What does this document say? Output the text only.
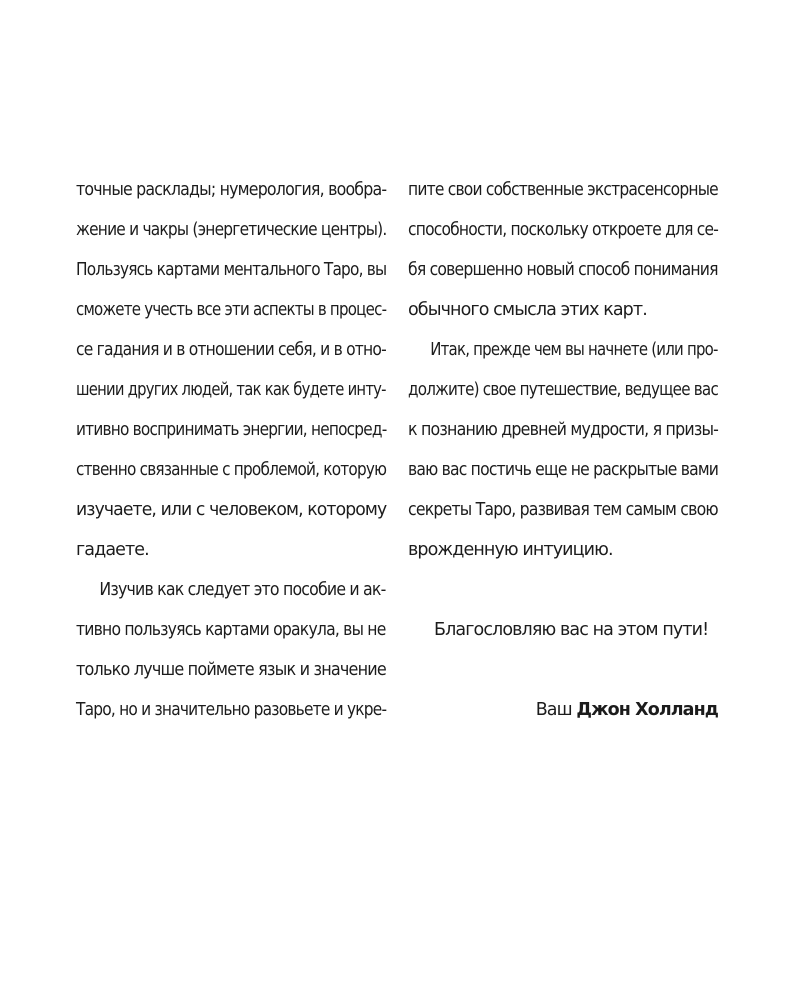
точные расклады; нумерология, вообра-
жение и чакры (энергетические центры).
Пользуясь картами ментального Таро, вы
сможете учесть все эти аспекты в процес-
се гадания и в отношении себя, и в отно-
шении других людей, так как будете инту-
итивно воспринимать энергии, непосред-
ственно связанные с проблемой, которую
изучаете, или с человеком, которому
гадаете.
Изучив как следует это пособие и ак-
тивно пользуясь картами оракула, вы не
только лучше поймете язык и значение
Таро, но и значительно разовьете и укре-
пите свои собственные экстрасенсорные
способности, поскольку откроете для се-
бя совершенно новый способ понимания
обычного смысла этих карт.
Итак, прежде чем вы начнете (или про-
должите) свое путешествие, ведущее вас
к познанию древней мудрости, я призы-
ваю вас постичь еще не раскрытые вами
секреты Таро, развивая тем самым свою
врожденную интуицию.
Благословляю вас на этом пути!
Ваш Джон Холланд
